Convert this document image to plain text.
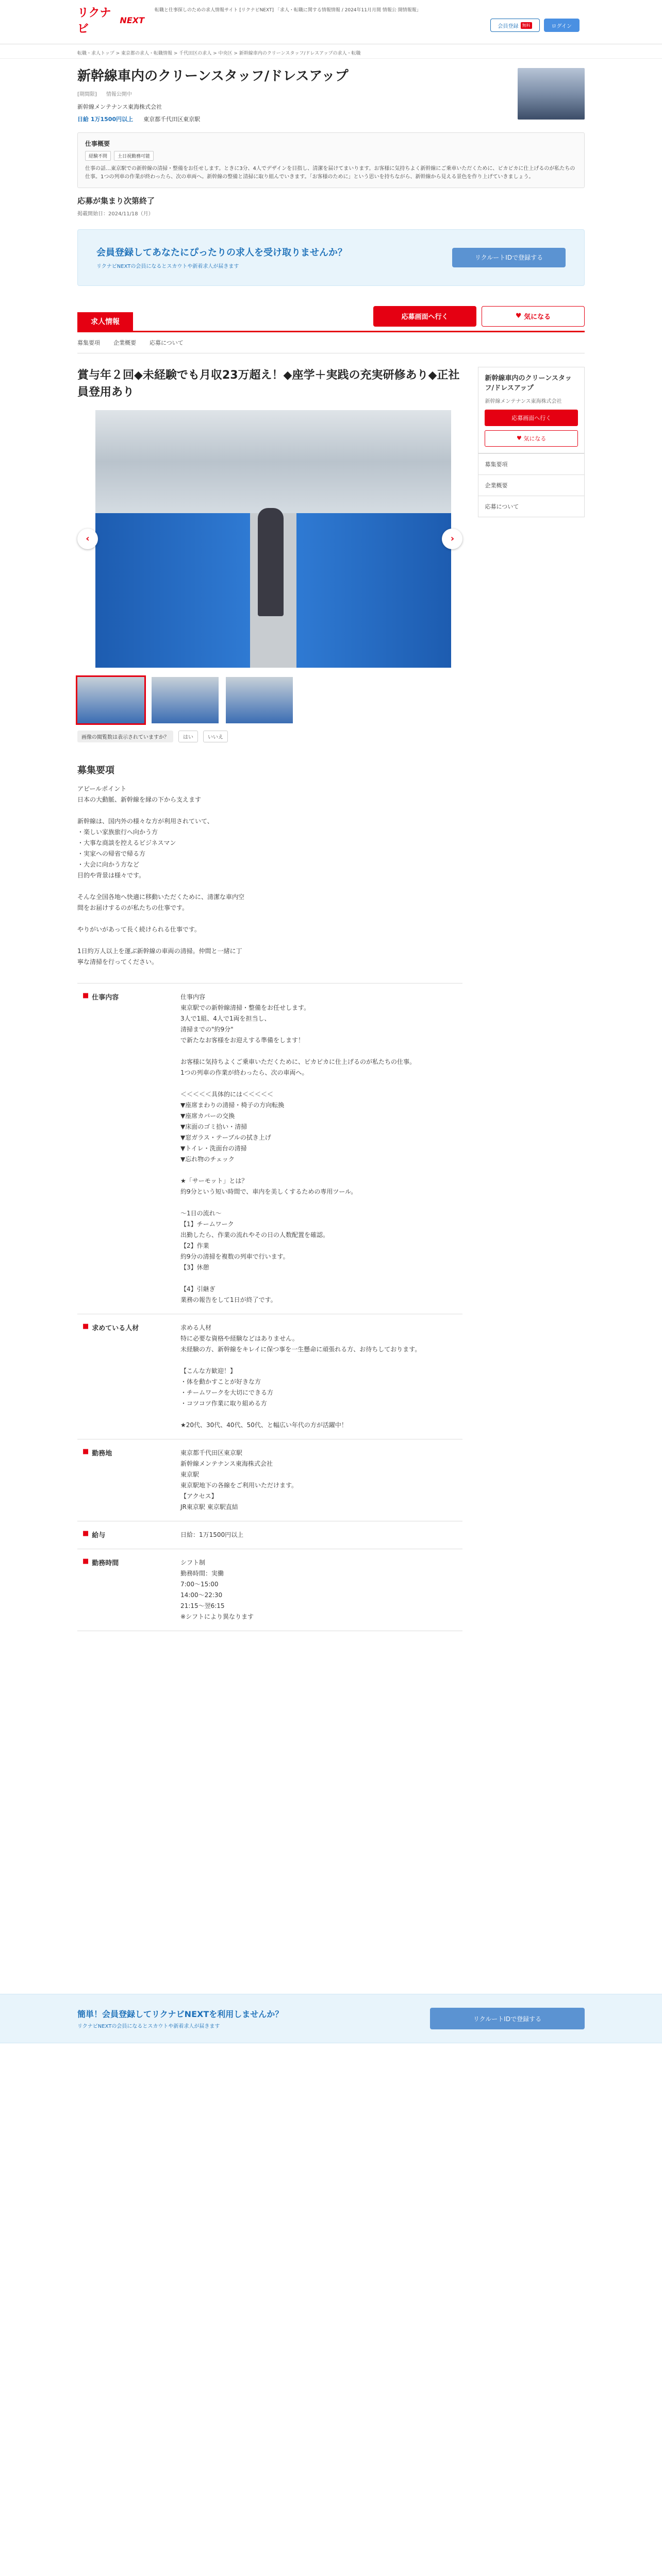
リクナビ
NEXT
転職と仕事探しのための求人情報サイト [リクナビNEXT] 「求人・転職に関する情報情報 / 2024年11月月間 情報公 開情報報」
会員登録 無料	ログイン
転職・求人トップ > 東京都の求人・転職情報 > 千代田区の求人 > 中央区 > 新幹線車内のクリーンスタッフ/ドレスアップの求人・転職
新幹線車内のクリーンスタッフ/ドレスアップ
[期間限] 情報公開中
新幹線メンテナンス東海株式会社
日給 1万1500円以上 東京都千代田区東京駅
仕事概要
経験不問	土日祝勤務可能

仕事の話…東京駅での新幹線の清掃・整備をお任せします。ときに3分、4人でデザインを目指し、清潔を届けてまいります。お客様に気持ちよく新幹線にご乗車いただくために、ビカビカに仕上げるのが私たちの仕事。1つの列車の作業が終わったら、次の車両へ。新幹線の整備と清掃に取り組んでいきます。「お客様のために」という思いを持ちながら、新幹線から見える景色を作り上げていきましょう。

応募が集まり次第終了
掲載開始日：2024/11/18（月）
会員登録してあなたにぴったりの求人を受け取りませんか？

リクナビNEXTの会員になるとスカウトや新着求人が届きます

リクルートIDで登録する
求人情報
応募画面へ行く	♥ 気になる
募集要項 企業概要 応募について
賞与年２回◆未経験でも月収23万超え！◆座学＋実践の充実研修あり◆正社員登用あり
‹	›
画像の閲覧数は表示されていますか？	はい	いいえ
募集要項
アピールポイント
日本の大動脈、新幹線を縁の下から支えます

新幹線は、国内外の様々な方が利用されていて、
・楽しい家族旅行へ向かう方
・大事な商談を控えるビジネスマン
・実家への帰省で帰る方
・大会に向かう方など
目的や背景は様々です。

そんな全国各地へ快適に移動いただくために、清潔な車内空間をお届けするのが私たちの仕事です。

やりがいがあって長く続けられる仕事です。

1日約万人以上を運ぶ新幹線の車両の清掃。仲間と一緒に丁寧な清掃を行ってください。
■ 仕事内容	仕事内容
東京駅での新幹線清掃・整備をお任せします。
3人で1組、4人で1両を担当し、
清掃までの"約9分"
で新たなお客様をお迎えする準備をします！

お客様に気持ちよくご乗車いただくために、ピカピカに仕上げるのが私たちの仕事。
1つの列車の作業が終わったら、次の車両へ。

＜＜＜＜＜具体的には＜＜＜＜＜
▼座席まわりの清掃・椅子の方向転換
▼座席カバーの交換
▼床面のゴミ拾い・清掃
▼窓ガラス・テーブルの拭き上げ
▼トイレ・洗面台の清掃
▼忘れ物のチェック

★「サーモット」とは？
約9分という短い時間で、車内を美しくするための専用ツール。

～1日の流れ～
【1】チームワーク
出勤したら、作業の流れやその日の人数配置を確認。
【2】作業
約9分の清掃を複数の列車で行います。
【3】休憩

【4】引継ぎ
業務の報告をして1日が終了です。
■ 求めている人材	求める人材
特に必要な資格や経験などはありません。
未経験の方、新幹線をキレイに保つ事を一生懸命に頑張れる方、お待ちしております。

【こんな方歓迎！】
・体を動かすことが好きな方
・チームワークを大切にできる方
・コツコツ作業に取り組める方

★20代、30代、40代、50代、と幅広い年代の方が活躍中！
■ 勤務地	東京都千代田区東京駅
新幹線メンテナンス東海株式会社
東京駅
東京駅地下の各線をご利用いただけます。
【アクセス】
JR東京駅 東京駅直結
■ 給与	日給：1万1500円以上
■ 勤務時間	シフト制
勤務時間：実働
7:00～15:00
14:00～22:30
21:15～翌6:15
※シフトにより異なります
新幹線車内のクリーンスタッフ/ドレスアップ
新幹線メンテナンス東海株式会社
応募画面へ行く
♥ 気になる
募集要項
企業概要
応募について
簡単！会員登録してリクナビNEXTを利用しませんか？

リクナビNEXTの会員になるとスカウトや新着求人が届きます

リクルートIDで登録する
